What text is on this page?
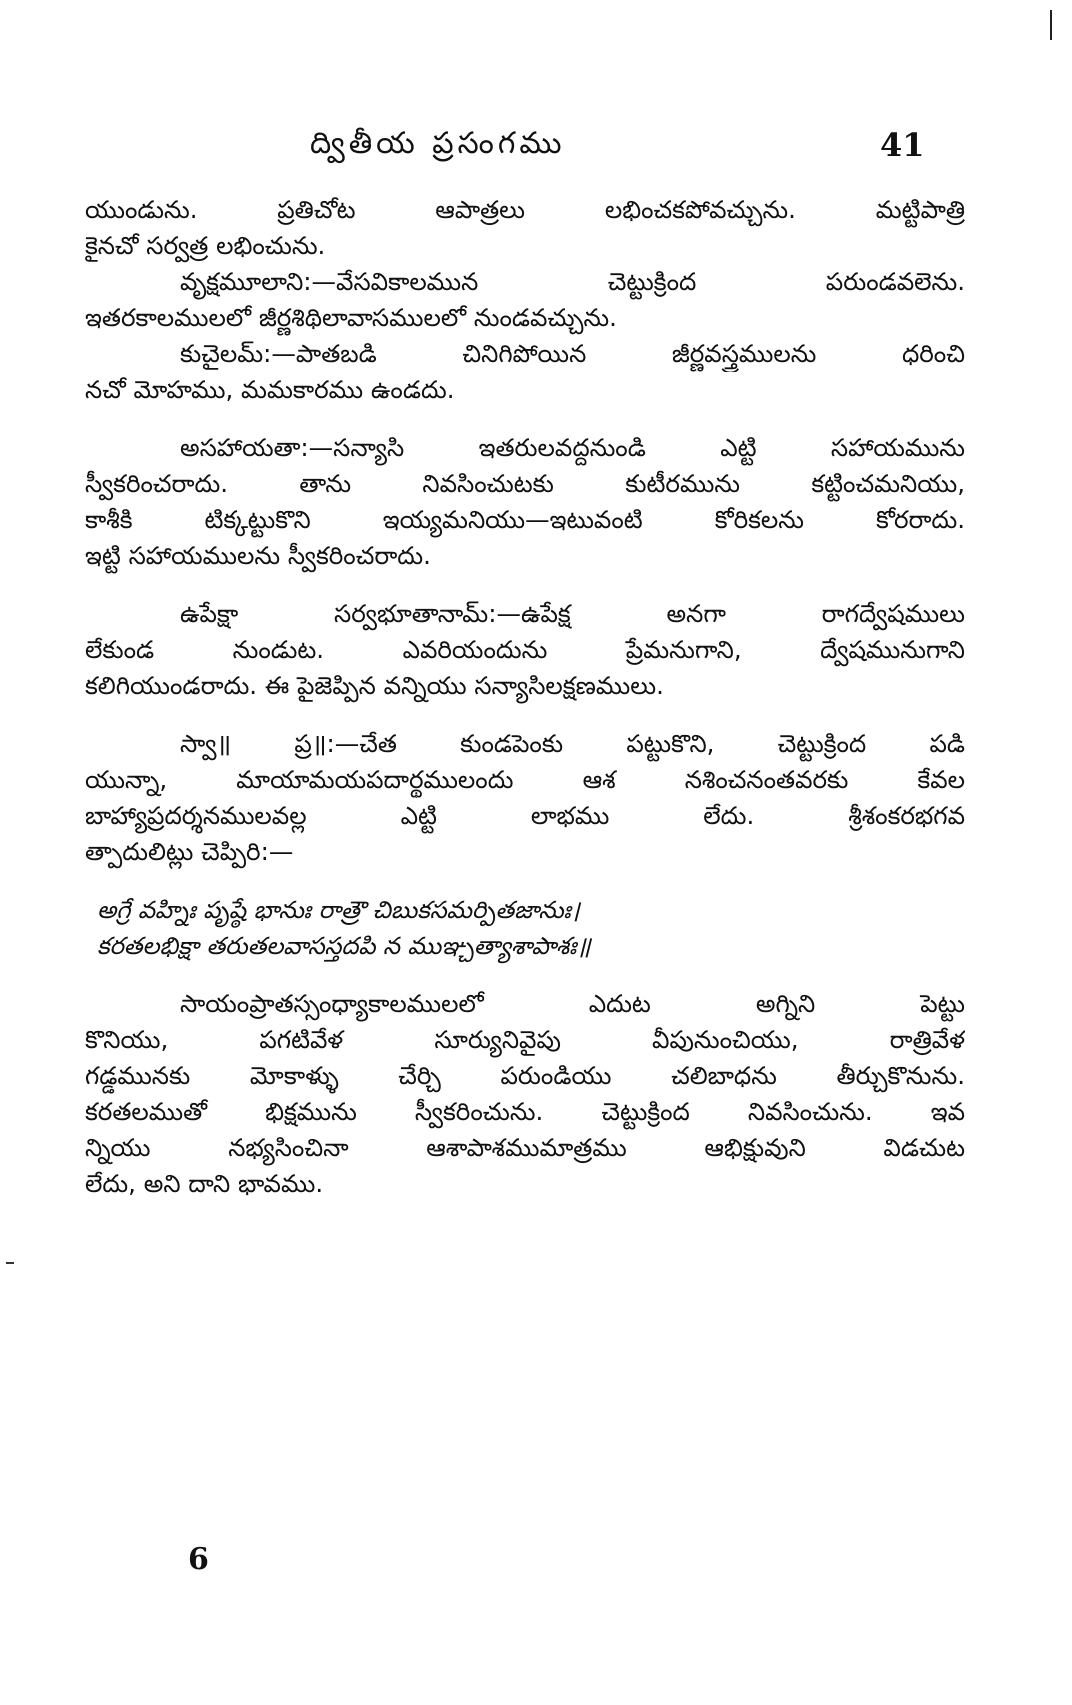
ద్వితీయ ప్రసంగము	41
యుండును. ప్రతిచోట ఆపాత్రలు లభించకపోవచ్చును. మట్టిపాత్రి
కైనచో సర్వత్ర లభించును.
వృక్షమూలాని:—వేసవికాలమున చెట్టుక్రింద పరుండవలెను.
ఇతరకాలములలో జీర్ణశిథిలావాసములలో నుండవచ్చును.
కుచైలమ్:—పాతబడి చినిగిపోయిన జీర్ణవస్త్రములను ధరించి
నచో మోహము, మమకారము ఉండదు.
అసహాయతా:—సన్యాసి ఇతరులవద్దనుండి ఎట్టి సహాయమును
స్వీకరించరాదు. తాను నివసించుటకు కుటీరమును కట్టించమనియు,
కాశీకి టిక్కట్టుకొని ఇయ్యమనియు—ఇటువంటి కోరికలను కోరరాదు.
ఇట్టి సహాయములను స్వీకరించరాదు.
ఉపేక్షా సర్వభూతానామ్:—ఉపేక్ష అనగా రాగద్వేషములు
లేకుండ నుండుట. ఎవరియందును ప్రేమనుగాని, ద్వేషమునుగాని
కలిగియుండరాదు. ఈ పైజెప్పిన వన్నియు సన్యాసిలక్షణములు.
స్వా॥ ప్ర॥:—చేత కుండపెంకు పట్టుకొని, చెట్టుక్రింద పడి
యున్నా, మాయామయపదార్థములందు ఆశ నశించనంతవరకు కేవల
బాహ్యాప్రదర్శనములవల్ల ఎట్టి లాభము లేదు. శ్రీశంకరభగవ
త్పాదులిట్లు చెప్పిరి:—
అగ్రే వహ్నిః పృష్ఠే భానుః రాత్రౌ చిబుకసమర్పితజానుః।
కరతలభిక్షా తరుతలవాసస్తదపి న ముఞ్చత్యాశాపాశః॥
సాయంప్రాతస్సంధ్యాకాలములలో ఎదుట అగ్నిని పెట్టు
కొనియు, పగటివేళ సూర్యునివైపు వీపునుంచియు, రాత్రివేళ
గడ్డమునకు మోకాళ్ళు చేర్చి పరుండియు చలిబాధను తీర్చుకొనును.
కరతలముతో భిక్షమును స్వీకరించును. చెట్టుక్రింద నివసించును. ఇవ
న్నియు నభ్యసించినా ఆశాపాశముమాత్రము ఆభిక్షువుని విడచుట
లేదు, అని దాని భావము.
6
